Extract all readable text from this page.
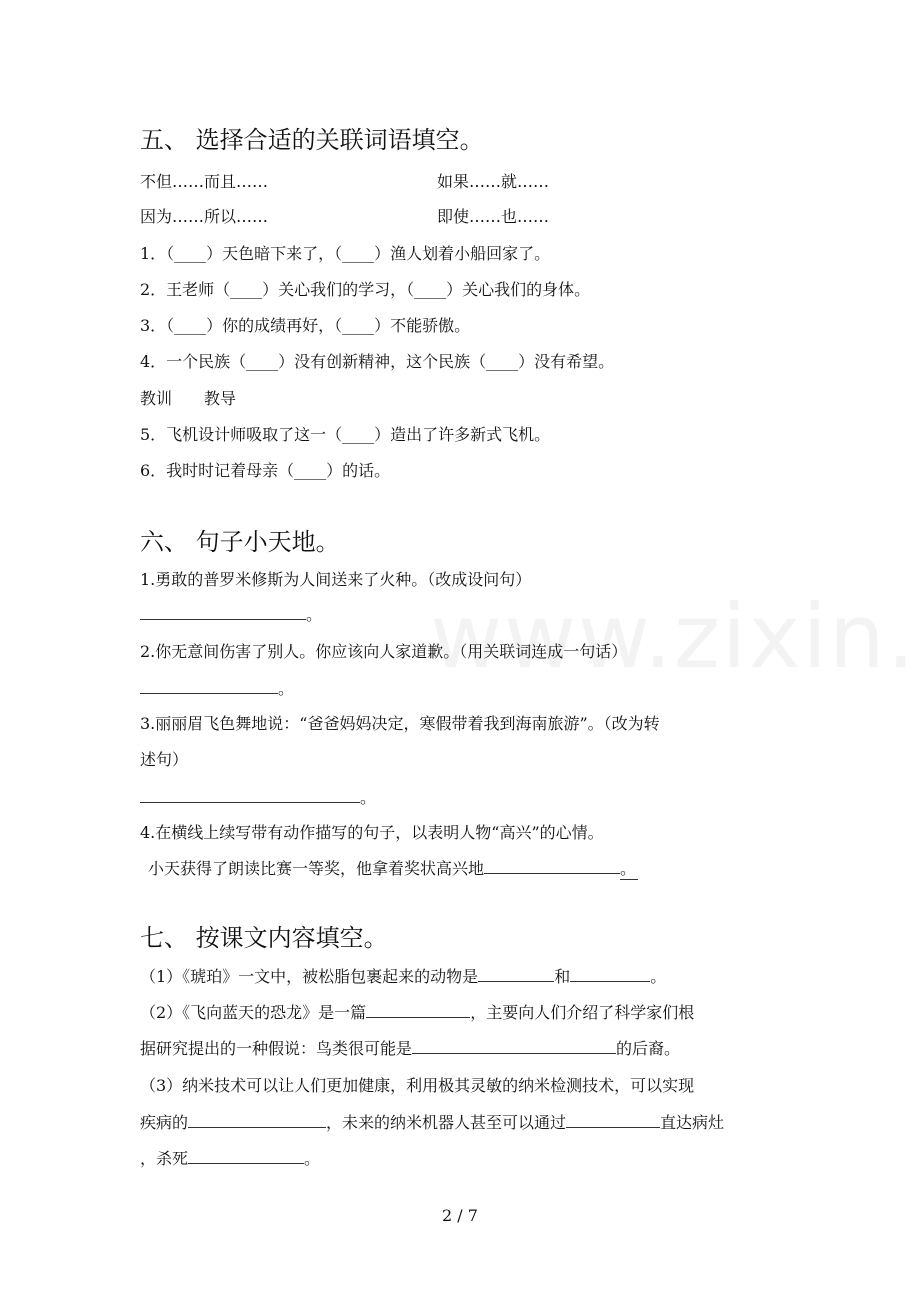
五、 选择合适的关联词语填空。
不但……而且……	如果……就……
因为……所以……	即使……也……
1．（____）天色暗下来了，（____）渔人划着小船回家了。
2．王老师（____）关心我们的学习，（____）关心我们的身体。
3．（____）你的成绩再好，（____）不能骄傲。
4．一个民族（____）没有创新精神，这个民族（____）没有希望。
教训　　教导
5．飞机设计师吸取了这一（____）造出了许多新式飞机。
6．我时时记着母亲（____）的话。
六、 句子小天地。
1.勇敢的普罗米修斯为人间送来了火种。（改成设问句）
。
2.你无意间伤害了别人。你应该向人家道歉。（用关联词连成一句话）
。
3.丽丽眉飞色舞地说：“爸爸妈妈决定，寒假带着我到海南旅游”。（改为转
述句）
。
4.在横线上续写带有动作描写的句子，以表明人物“高兴”的心情。
小天获得了朗读比赛一等奖，他拿着奖状高兴地	。
七、 按课文内容填空。
（1）《琥珀》一文中，被松脂包裹起来的动物是	和	。
（2）《飞向蓝天的恐龙》是一篇	，主要向人们介绍了科学家们根
据研究提出的一种假说：鸟类很可能是	的后裔。
（3）纳米技术可以让人们更加健康，利用极其灵敏的纳米检测技术，可以实现
疾病的	，未来的纳米机器人甚至可以通过	直达病灶
，杀死	。
2 / 7
